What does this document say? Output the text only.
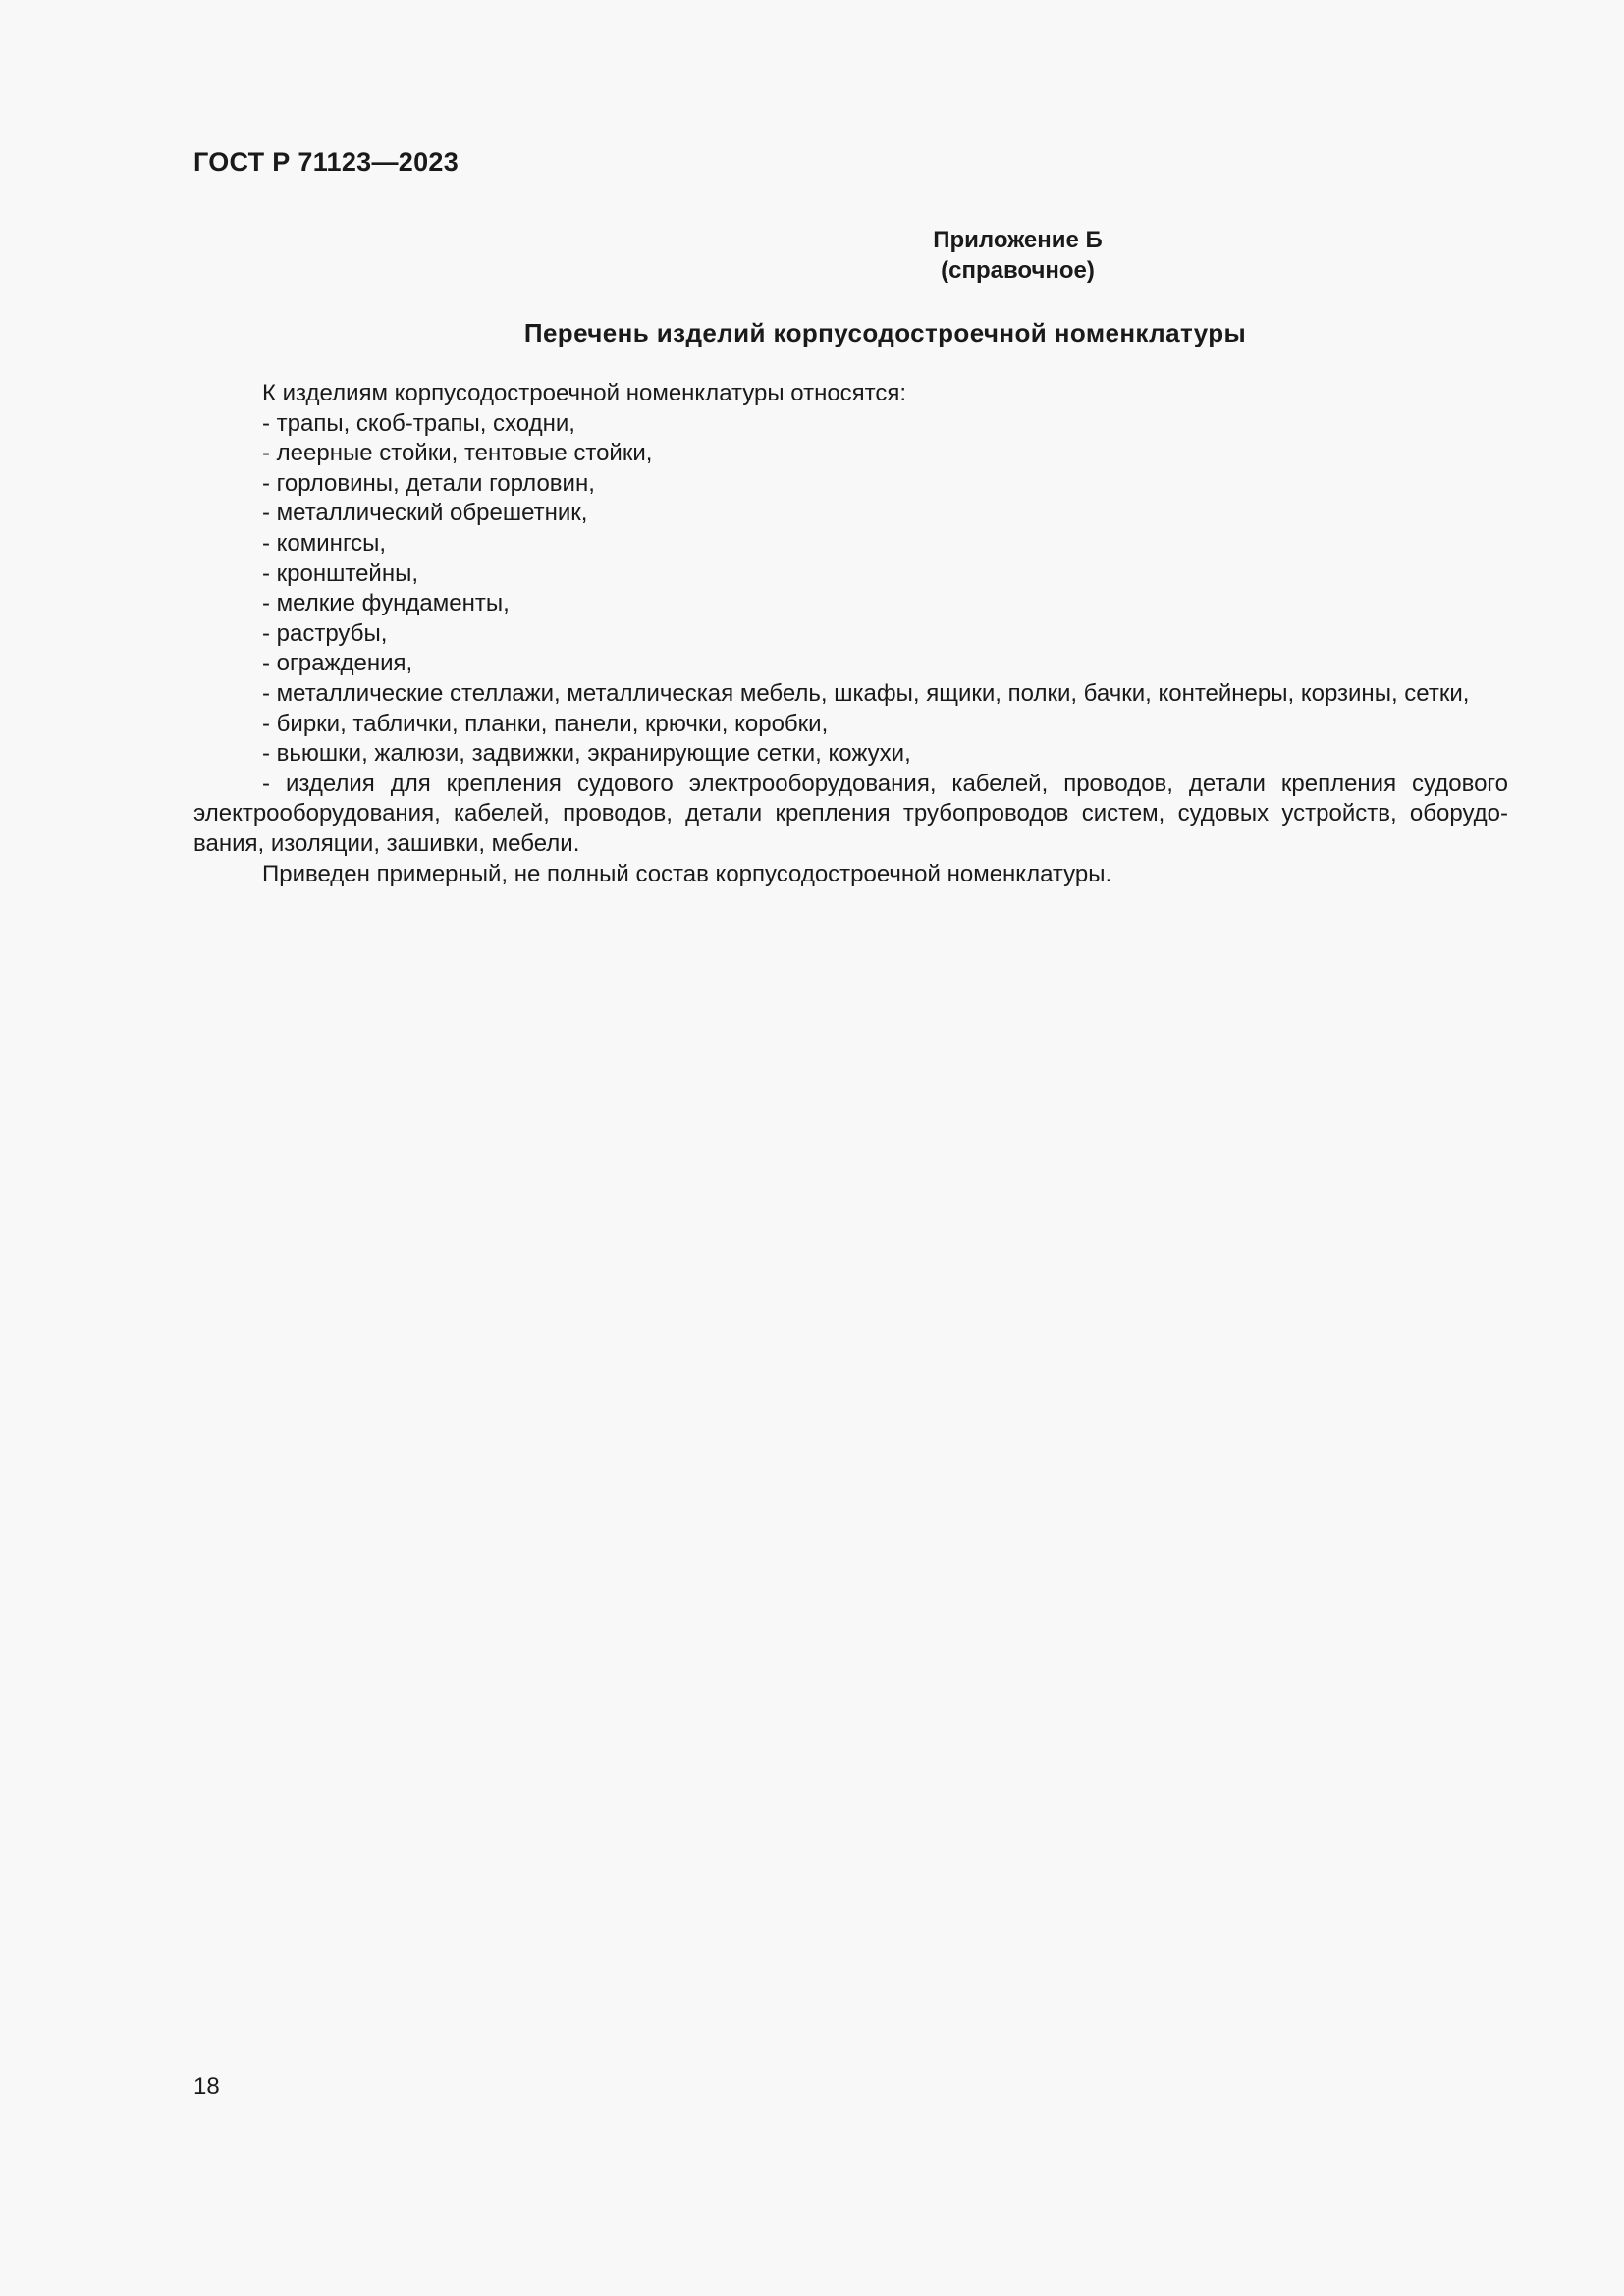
ГОСТ Р 71123—2023
Приложение Б
(справочное)
Перечень изделий корпусодостроечной номенклатуры

К изделиям корпусодостроечной номенклатуры относятся:

- трапы, скоб-трапы, сходни,
- леерные стойки, тентовые стойки,
- горловины, детали горловин,
- металлический обрешетник,
- комингсы,
- кронштейны,
- мелкие фундаменты,
- раструбы,
- ограждения,
- металлические стеллажи, металлическая мебель, шкафы, ящики, полки, бачки, контейнеры, корзины, сетки,
- бирки, таблички, планки, панели, крючки, коробки,
- вьюшки, жалюзи, задвижки, экранирующие сетки, кожухи,
- изделия для крепления судового электрооборудования, кабелей, проводов, детали крепления судового электрооборудования, кабелей, проводов, детали крепления трубопроводов систем, судовых устройств, оборудования, изоляции, зашивки, мебели.

Приведен примерный, не полный состав корпусодостроечной номенклатуры.

18
